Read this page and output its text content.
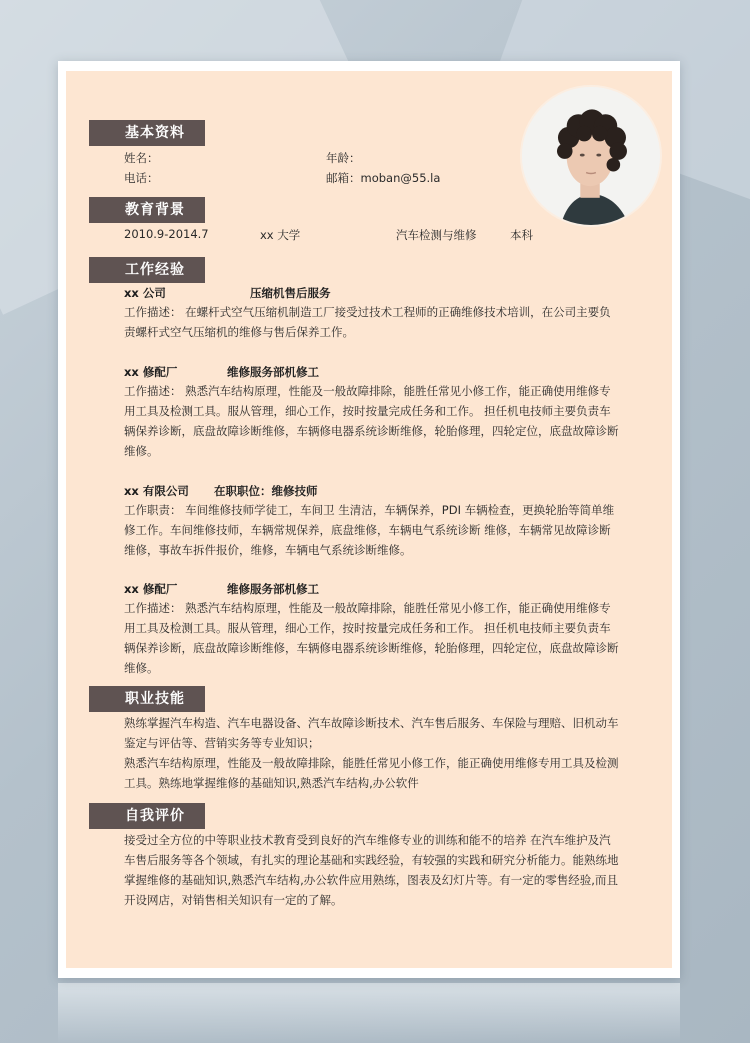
基本资料
姓名：	年龄：
电话：	邮箱：moban@55.la
教育背景
2010.9-2014.7	xx 大学	汽车检测与维修	本科
工作经验
xx 公司	压缩机售后服务
工作描述： 在螺杆式空气压缩机制造工厂接受过技术工程师的正确维修技术培训，在公司主要负
责螺杆式空气压缩机的维修与售后保养工作。
xx 修配厂	维修服务部机修工
工作描述： 熟悉汽车结构原理，性能及一般故障排除，能胜任常见小修工作，能正确使用维修专
用工具及检测工具。服从管理，细心工作，按时按量完成任务和工作。 担任机电技师主要负责车
辆保养诊断，底盘故障诊断维修，车辆修电器系统诊断维修，轮胎修理，四轮定位，底盘故障诊断
维修。
xx 有限公司 在职职位：维修技师
工作职责： 车间维修技师学徒工，车间卫 生清洁，车辆保养，PDI 车辆检查，更换轮胎等简单维
修工作。车间维修技师，车辆常规保养，底盘维修，车辆电气系统诊断 维修，车辆常见故障诊断
维修，事故车拆件报价，维修，车辆电气系统诊断维修。
xx 修配厂	维修服务部机修工
工作描述： 熟悉汽车结构原理，性能及一般故障排除，能胜任常见小修工作，能正确使用维修专
用工具及检测工具。服从管理，细心工作，按时按量完成任务和工作。 担任机电技师主要负责车
辆保养诊断，底盘故障诊断维修，车辆修电器系统诊断维修，轮胎修理，四轮定位，底盘故障诊断
维修。
职业技能
熟练掌握汽车构造、汽车电器设备、汽车故障诊断技术、汽车售后服务、车保险与理赔、旧机动车
鉴定与评估等、营销实务等专业知识；
熟悉汽车结构原理，性能及一般故障排除，能胜任常见小修工作，能正确使用维修专用工具及检测
工具。熟练地掌握维修的基础知识,熟悉汽车结构,办公软件
自我评价
接受过全方位的中等职业技术教育受到良好的汽车维修专业的训练和能不的培养 在汽车维护及汽
车售后服务等各个领域，有扎实的理论基础和实践经验，有较强的实践和研究分析能力。能熟练地
掌握维修的基础知识,熟悉汽车结构,办公软件应用熟练，图表及幻灯片等。有一定的零售经验,而且
开设网店，对销售相关知识有一定的了解。
